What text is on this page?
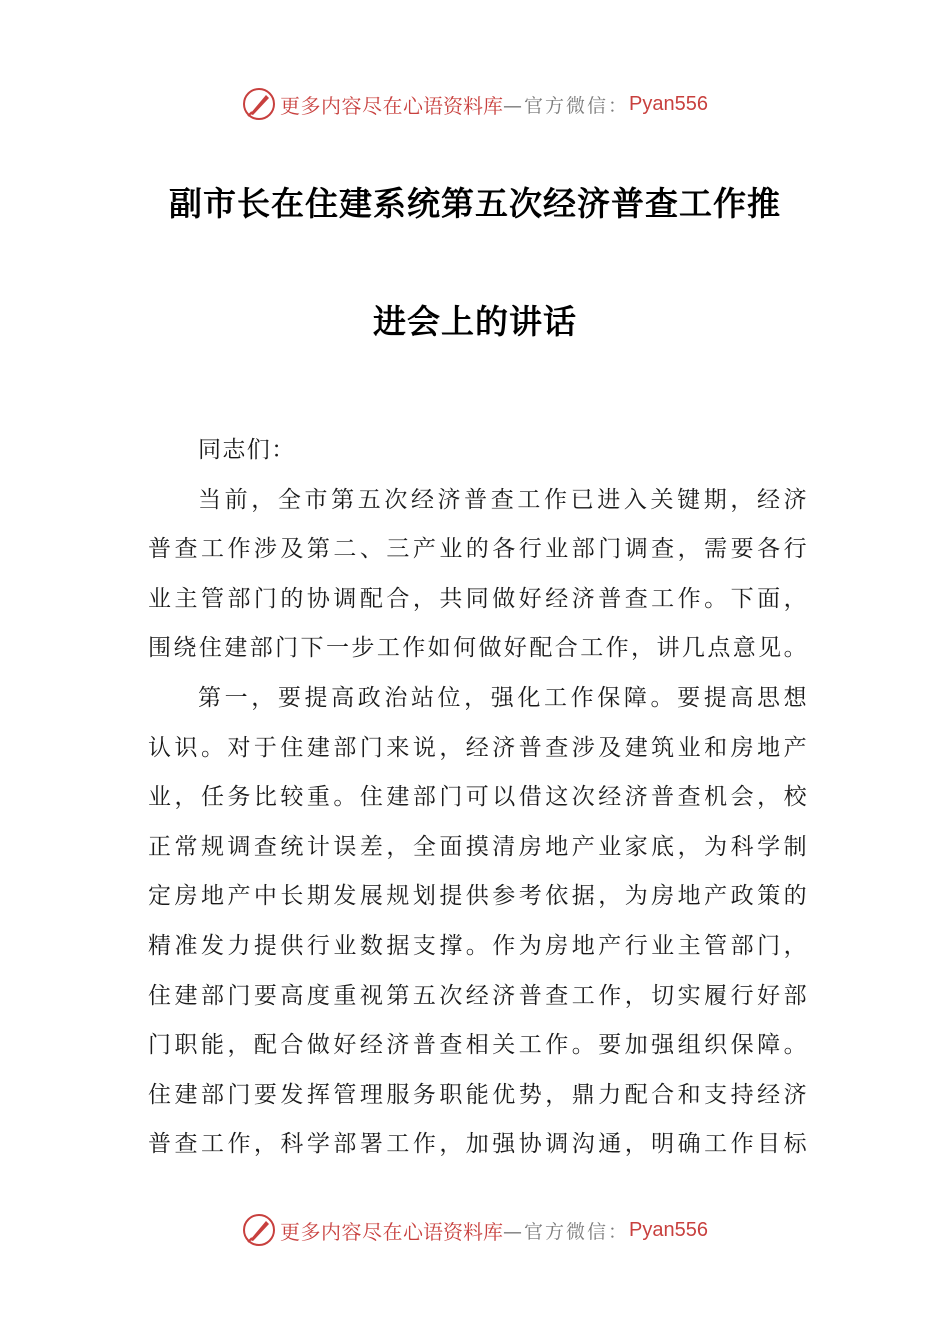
更多内容尽在 心语资料库 —官方微信： Pyan556
副市长在住建系统第五次经济普查工作推
进会上的讲话
同志们：
当前，全市第五次经济普查工作已进入关键期，经济
普查工作涉及第二、三产业的各行业部门调查，需要各行
业主管部门的协调配合，共同做好经济普查工作。下面，
围绕住建部门下一步工作如何做好配合工作，讲几点意见。
第一，要提高政治站位，强化工作保障。要提高思想
认识。对于住建部门来说，经济普查涉及建筑业和房地产
业，任务比较重。住建部门可以借这次经济普查机会，校
正常规调查统计误差，全面摸清房地产业家底，为科学制
定房地产中长期发展规划提供参考依据，为房地产政策的
精准发力提供行业数据支撑。作为房地产行业主管部门，
住建部门要高度重视第五次经济普查工作，切实履行好部
门职能，配合做好经济普查相关工作。要加强组织保障。
住建部门要发挥管理服务职能优势，鼎力配合和支持经济
普查工作，科学部署工作，加强协调沟通，明确工作目标
更多内容尽在 心语资料库 —官方微信： Pyan556
